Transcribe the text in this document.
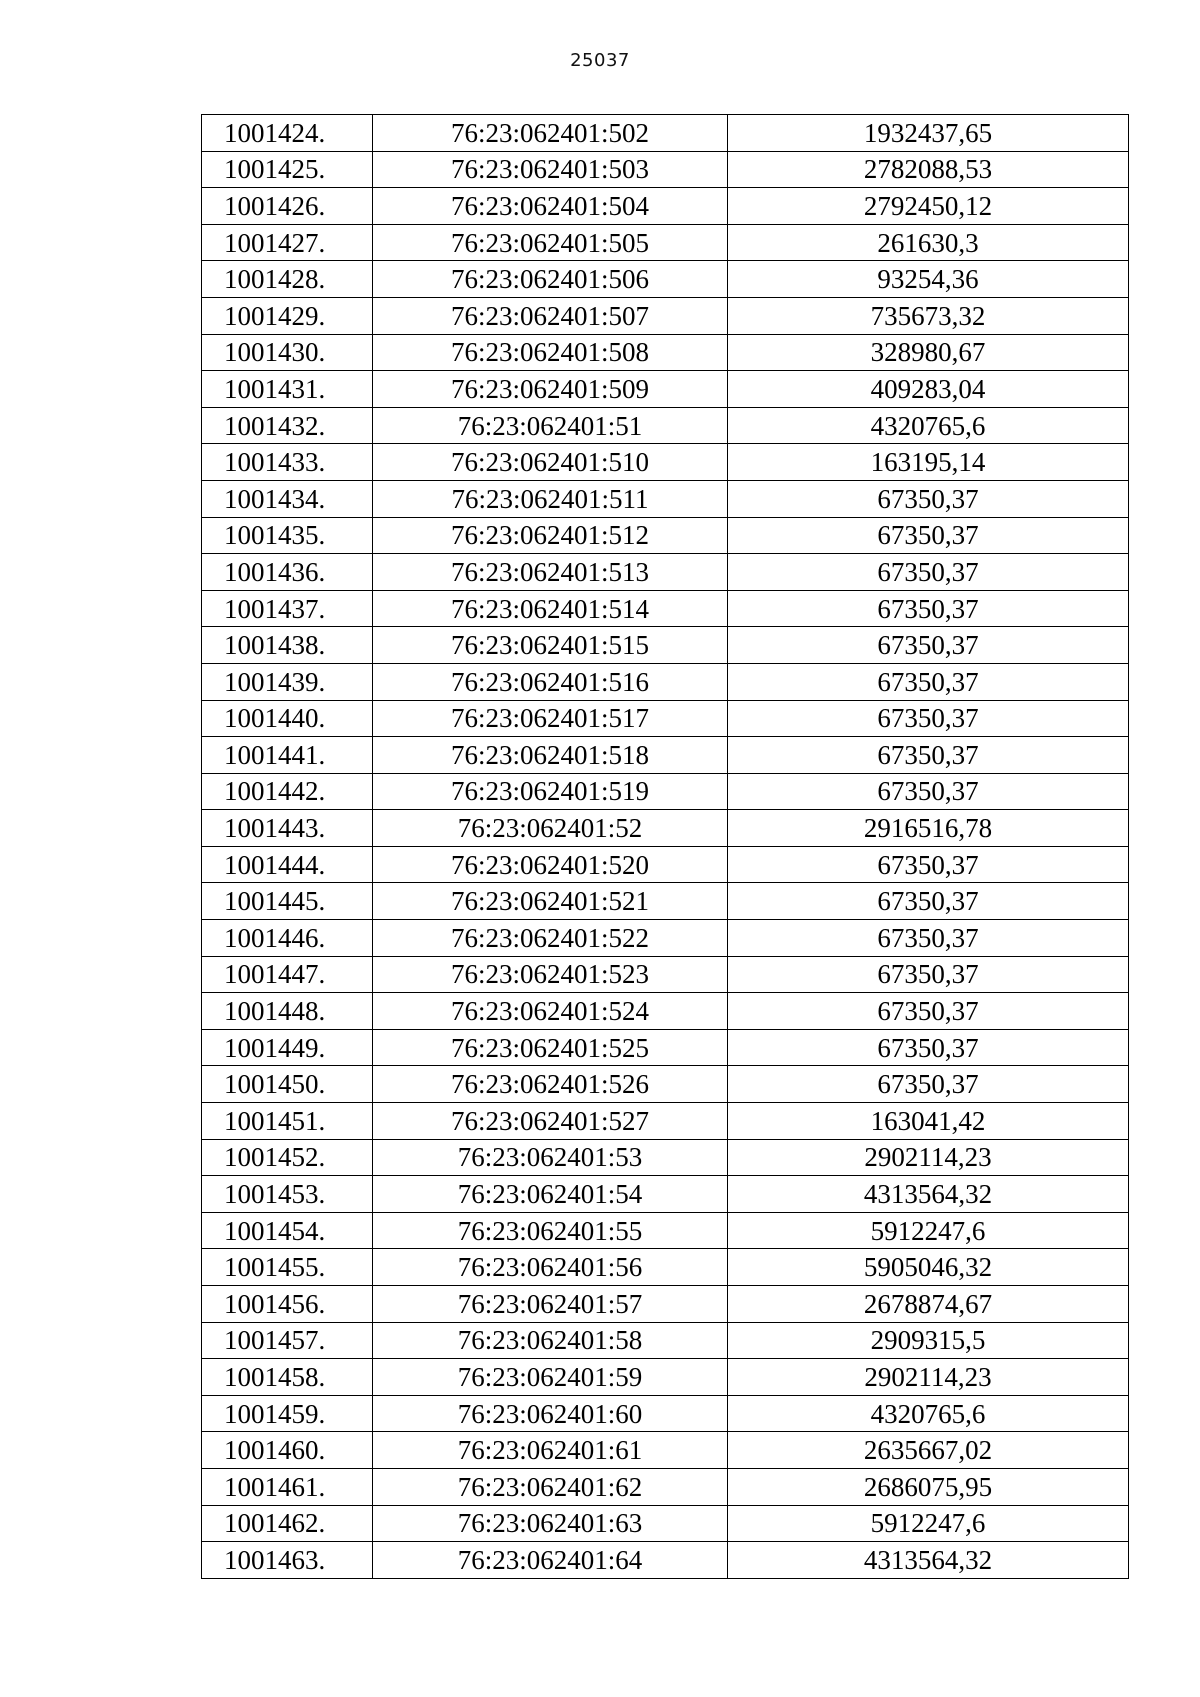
25037
1001424.	76:23:062401:502	1932437,65
1001425.	76:23:062401:503	2782088,53
1001426.	76:23:062401:504	2792450,12
1001427.	76:23:062401:505	261630,3
1001428.	76:23:062401:506	93254,36
1001429.	76:23:062401:507	735673,32
1001430.	76:23:062401:508	328980,67
1001431.	76:23:062401:509	409283,04
1001432.	76:23:062401:51	4320765,6
1001433.	76:23:062401:510	163195,14
1001434.	76:23:062401:511	67350,37
1001435.	76:23:062401:512	67350,37
1001436.	76:23:062401:513	67350,37
1001437.	76:23:062401:514	67350,37
1001438.	76:23:062401:515	67350,37
1001439.	76:23:062401:516	67350,37
1001440.	76:23:062401:517	67350,37
1001441.	76:23:062401:518	67350,37
1001442.	76:23:062401:519	67350,37
1001443.	76:23:062401:52	2916516,78
1001444.	76:23:062401:520	67350,37
1001445.	76:23:062401:521	67350,37
1001446.	76:23:062401:522	67350,37
1001447.	76:23:062401:523	67350,37
1001448.	76:23:062401:524	67350,37
1001449.	76:23:062401:525	67350,37
1001450.	76:23:062401:526	67350,37
1001451.	76:23:062401:527	163041,42
1001452.	76:23:062401:53	2902114,23
1001453.	76:23:062401:54	4313564,32
1001454.	76:23:062401:55	5912247,6
1001455.	76:23:062401:56	5905046,32
1001456.	76:23:062401:57	2678874,67
1001457.	76:23:062401:58	2909315,5
1001458.	76:23:062401:59	2902114,23
1001459.	76:23:062401:60	4320765,6
1001460.	76:23:062401:61	2635667,02
1001461.	76:23:062401:62	2686075,95
1001462.	76:23:062401:63	5912247,6
1001463.	76:23:062401:64	4313564,32
